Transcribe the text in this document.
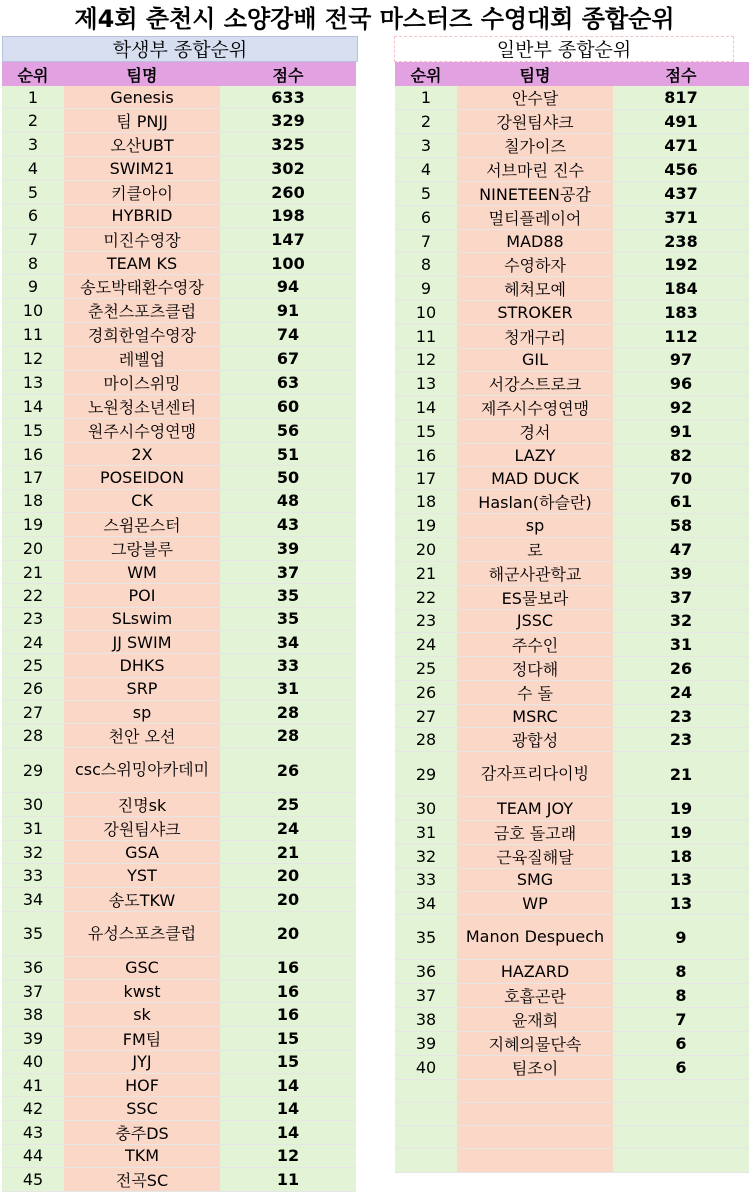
제4회 춘천시 소양강배 전국 마스터즈 수영대회 종합순위
학생부 종합순위	일반부 종합순위
순위	팀명	점수
1	Genesis	633
2	팀 PNJJ	329
3	오산UBT	325
4	SWIM21	302
5	키클아이	260
6	HYBRID	198
7	미진수영장	147
8	TEAM KS	100
9	송도박태환수영장	94
10	춘천스포츠클럽	91
11	경희한얼수영장	74
12	레벨업	67
13	마이스위밍	63
14	노원청소년센터	60
15	원주시수영연맹	56
16	2X	51
17	POSEIDON	50
18	CK	48
19	스윔몬스터	43
20	그랑블루	39
21	WM	37
22	POI	35
23	SLswim	35
24	JJ SWIM	34
25	DHKS	33
26	SRP	31
27	sp	28
28	천안 오션	28
29	csc스위밍아카데미	26
30	진명sk	25
31	강원팀샤크	24
32	GSA	21
33	YST	20
34	송도TKW	20
35	유성스포츠클럽	20
36	GSC	16
37	kwst	16
38	sk	16
39	FM팀	15
40	JYJ	15
41	HOF	14
42	SSC	14
43	충주DS	14
44	TKM	12
45	전곡SC	11
순위	팀명	점수
1	안수달	817
2	강원팀샤크	491
3	칠가이즈	471
4	서브마린 진수	456
5	NINETEEN공감	437
6	멀티플레이어	371
7	MAD88	238
8	수영하자	192
9	헤쳐모예	184
10	STROKER	183
11	청개구리	112
12	GIL	97
13	서강스트로크	96
14	제주시수영연맹	92
15	경서	91
16	LAZY	82
17	MAD DUCK	70
18	Haslan(하슬란)	61
19	sp	58
20	로	47
21	해군사관학교	39
22	ES물보라	37
23	JSSC	32
24	주수인	31
25	정다해	26
26	수 돌	24
27	MSRC	23
28	광합성	23
29	감자프리다이빙	21
30	TEAM JOY	19
31	금호 돌고래	19
32	근육질해달	18
33	SMG	13
34	WP	13
35	Manon Despuech	9
36	HAZARD	8
37	호흡곤란	8
38	윤재희	7
39	지혜의물단속	6
40	팀조이	6
